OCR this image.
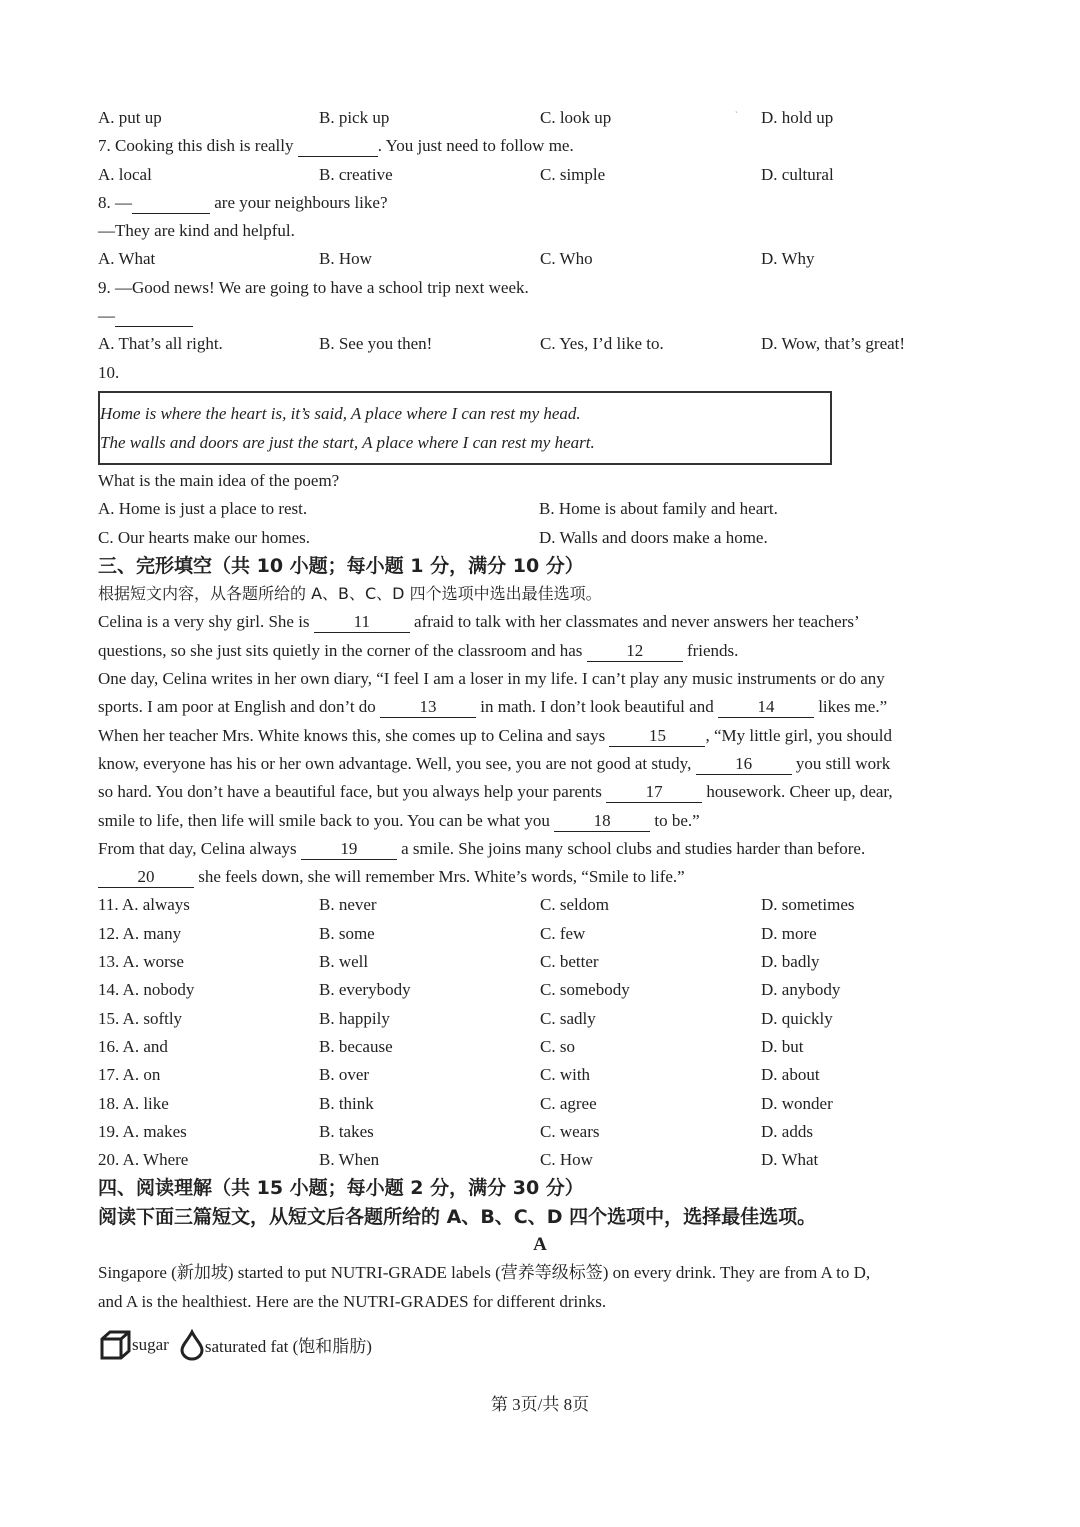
ˋ
A. put up	B. pick up	C. look up	D. hold up
7. Cooking this dish is really	. You just need to follow me.
A. local	B. creative	C. simple	D. cultural
8. —	are your neighbours like?
—They are kind and helpful.
A. What	B. How	C. Who	D. Why
9. —Good news! We are going to have a school trip next week.
—
A. That’s all right.	B. See you then!	C. Yes, I’d like to.	D. Wow, that’s great!
10.
Home is where the heart is, it’s said, A place where I can rest my head.
The walls and doors are just the start, A place where I can rest my heart.
What is the main idea of the poem?
A. Home is just a place to rest.	B. Home is about family and heart.
C. Our hearts make our homes.	D. Walls and doors make a home.
三、完形填空（共 10 小题；每小题 1 分，满分 10 分）
根据短文内容，从各题所给的 A、B、C、D 四个选项中选出最佳选项。
Celina is a very shy girl. She is 11 afraid to talk with her classmates and never answers her teachers’
questions, so she just sits quietly in the corner of the classroom and has 12 friends.
One day, Celina writes in her own diary, “I feel I am a loser in my life. I can’t play any music instruments or do any
sports. I am poor at English and don’t do 13 in math. I don’t look beautiful and 14 likes me.”
When her teacher Mrs. White knows this, she comes up to Celina and says 15 , “My little girl, you should
know, everyone has his or her own advantage. Well, you see, you are not good at study, 16 you still work
so hard. You don’t have a beautiful face, but you always help your parents 17 housework. Cheer up, dear,
smile to life, then life will smile back to you. You can be what you 18 to be.”
From that day, Celina always 19 a smile. She joins many school clubs and studies harder than before.
20 she feels down, she will remember Mrs. White’s words, “Smile to life.”
11. A. always	B. never	C. seldom	D. sometimes
12. A. many	B. some	C. few	D. more
13. A. worse	B. well	C. better	D. badly
14. A. nobody	B. everybody	C. somebody	D. anybody
15. A. softly	B. happily	C. sadly	D. quickly
16. A. and	B. because	C. so	D. but
17. A. on	B. over	C. with	D. about
18. A. like	B. think	C. agree	D. wonder
19. A. makes	B. takes	C. wears	D. adds
20. A. Where	B. When	C. How	D. What
四、阅读理解（共 15 小题；每小题 2 分，满分 30 分）
阅读下面三篇短文，从短文后各题所给的 A、B、C、D 四个选项中，选择最佳选项。
A
Singapore (新加坡) started to put NUTRI-GRADE labels (营养等级标签) on every drink. They are from A to D,
and A is the healthiest. Here are the NUTRI-GRADES for different drinks.
sugar saturated fat (饱和脂肪)
第 3页/共 8页
